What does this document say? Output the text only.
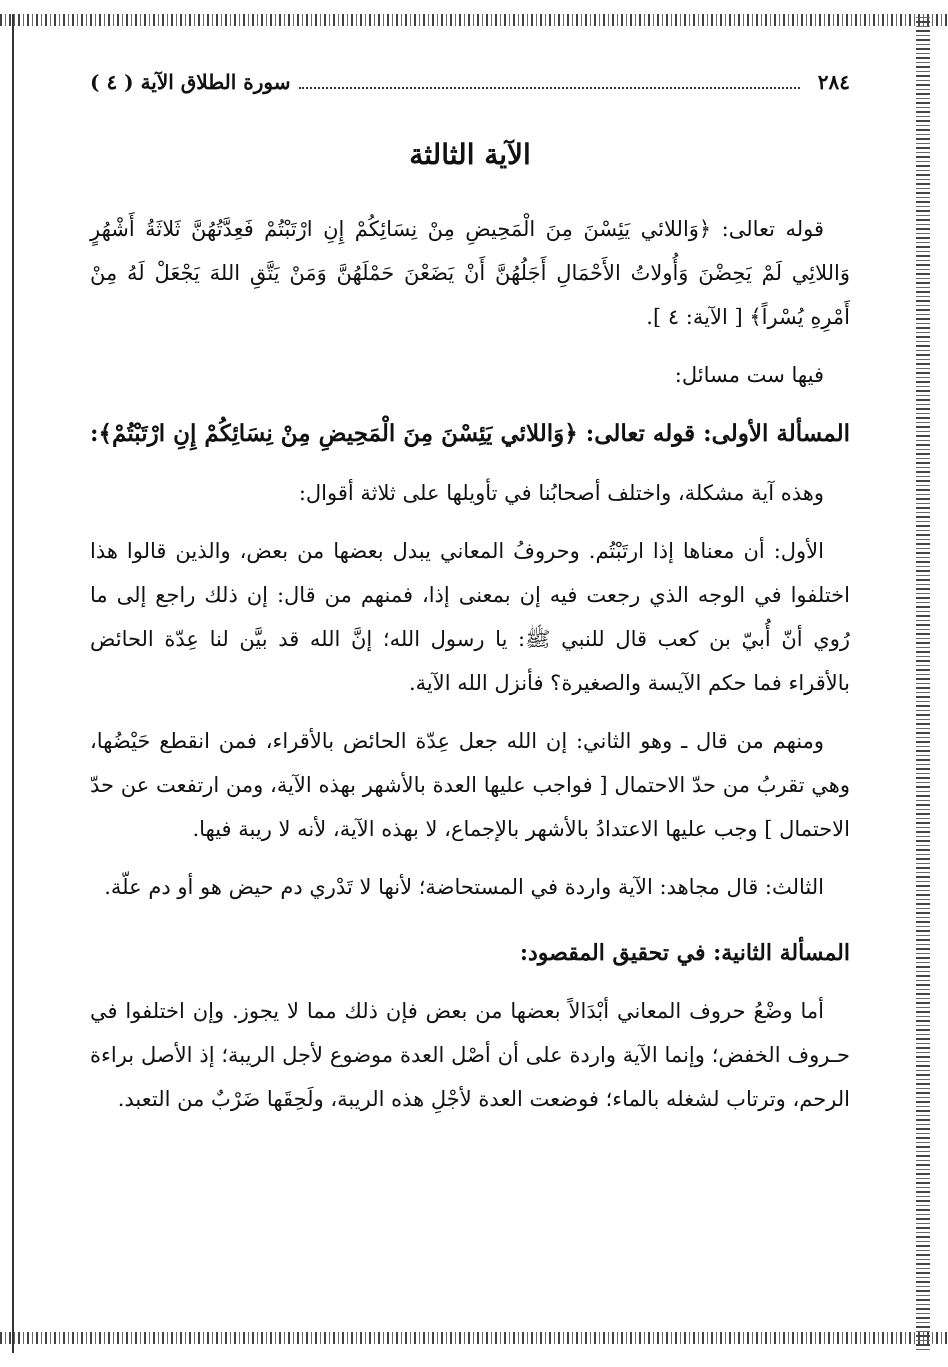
٢٨٤
سورة الطلاق الآية ( ٤ )
الآية الثالثة

قوله تعالى: ﴿وَاللائي يَئِسْنَ مِنَ الْمَحِيضِ مِنْ نِسَائِكُمْ إِنِ ارْتَبْتُمْ فَعِدَّتُهُنَّ ثَلاثَةُ أَشْهُرٍ وَاللائِي لَمْ يَحِضْنَ وَأُولاتُ الأَحْمَالِ أَجَلُهُنَّ أَنْ يَضَعْنَ حَمْلَهُنَّ وَمَنْ يَتَّقِ اللهَ يَجْعَلْ لَهُ مِنْ أَمْرِهِ يُسْراً﴾ [ الآية: ٤ ].

فيها ست مسائل:

المسألة الأولى: قوله تعالى: ﴿وَاللائي يَئِسْنَ مِنَ الْمَحِيضِ مِنْ نِسَائِكُمْ إِنِ ارْتَبْتُمْ﴾:

وهذه آية مشكلة، واختلف أصحابُنا في تأويلها على ثلاثة أقوال:

الأول: أن معناها إذا ارتَبْتُم. وحروفُ المعاني يبدل بعضها من بعض، والذين قالوا هذا اختلفوا في الوجه الذي رجعت فيه إن بمعنى إذا، فمنهم من قال: إن ذلك راجع إلى ما رُوي أنّ أُبيّ بن كعب قال للنبي ﷺ: يا رسول الله؛ إنَّ الله قد بيَّن لنا عِدّة الحائض بالأقراء فما حكم الآيسة والصغيرة؟ فأنزل الله الآية.

ومنهم من قال ـ وهو الثاني: إن الله جعل عِدّة الحائض بالأقراء، فمن انقطع حَيْضُها، وهي تقربُ من حدّ الاحتمال [ فواجب عليها العدة بالأشهر بهذه الآية، ومن ارتفعت عن حدّ الاحتمال ] وجب عليها الاعتدادُ بالأشهر بالإجماع، لا بهذه الآية، لأنه لا ريبة فيها.

الثالث: قال مجاهد: الآية واردة في المستحاضة؛ لأنها لا تَدْري دم حيض هو أو دم علّة.

المسألة الثانية: في تحقيق المقصود:

أما وضْعُ حروف المعاني أبْدَالاً بعضها من بعض فإن ذلك مما لا يجوز. وإن اختلفوا في حـروف الخفض؛ وإنما الآية واردة على أن أصْل العدة موضوع لأجل الريبة؛ إذ الأصل براءة الرحم، وترتاب لشغله بالماء؛ فوضعت العدة لأجْلِ هذه الريبة، ولَحِقَها ضَرْبٌ من التعبد.
